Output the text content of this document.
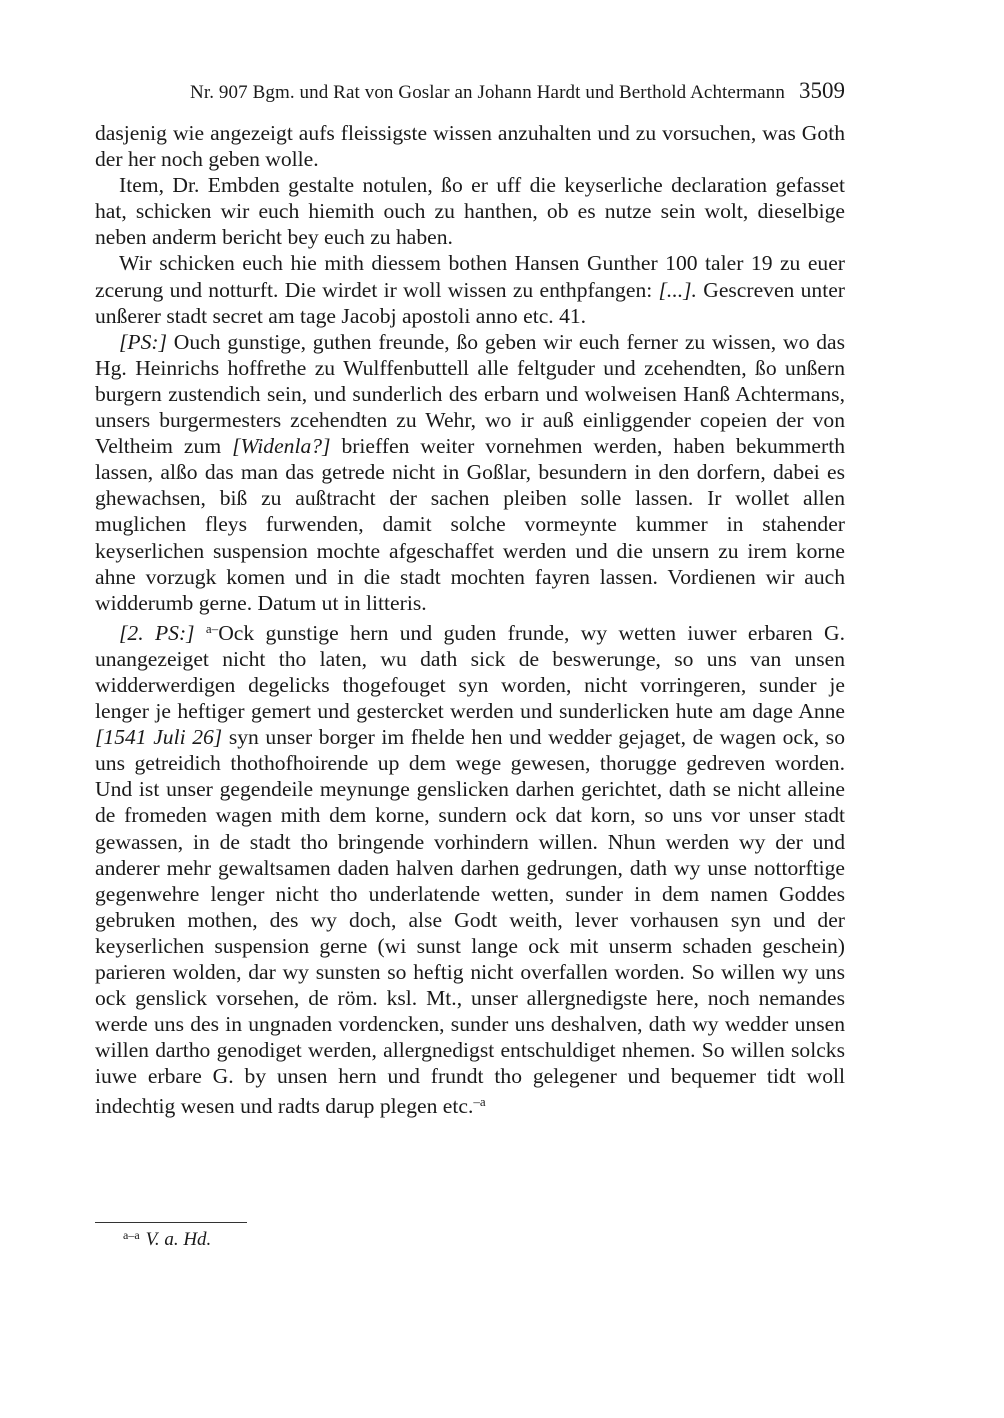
Nr. 907 Bgm. und Rat von Goslar an Johann Hardt und Berthold Achtermann 3509

dasjenig wie angezeigt aufs fleissigste wissen anzuhalten und zu vorsuchen, was Goth der her noch geben wolle.

Item, Dr. Embden gestalte notulen, ßo er uff die keyserliche declaration gefasset hat, schicken wir euch hiemith ouch zu hanthen, ob es nutze sein wolt, dieselbige neben anderm bericht bey euch zu haben.

Wir schicken euch hie mith diessem bothen Hansen Gunther 100 taler 19 zu euer zcerung und notturft. Die wirdet ir woll wissen zu enthpfangen: [...]. Gescreven unter unßerer stadt secret am tage Jacobj apostoli anno etc. 41.

[PS:] Ouch gunstige, guthen freunde, ßo geben wir euch ferner zu wissen, wo das Hg. Heinrichs hoffrethe zu Wulffenbuttell alle feltguder und zcehendten, ßo unßern burgern zustendich sein, und sunderlich des erbarn und wolweisen Hanß Achtermans, unsers burgermesters zcehendten zu Wehr, wo ir auß einliggender copeien der von Veltheim zum [Widenla?] brieffen weiter vornehmen werden, haben bekummerth lassen, alßo das man das getrede nicht in Goßlar, besundern in den dorfern, dabei es ghewachsen, biß zu außtracht der sachen pleiben solle lassen. Ir wollet allen muglichen fleys furwenden, damit solche vormeynte kummer in stahender keyserlichen suspension mochte afgeschaffet werden und die unsern zu irem korne ahne vorzugk komen und in die stadt mochten fayren lassen. Vordienen wir auch widderumb gerne. Datum ut in litteris.

[2. PS:] $^{a-}$Ock gunstige hern und guden frunde, wy wetten iuwer erbaren G. unangezeiget nicht tho laten, wu dath sick de beswerunge, so uns van unsen widderwerdigen degelicks thogefouget syn worden, nicht vorringeren, sunder je lenger je heftiger gemert und gestercket werden und sunderlicken hute am dage Anne [1541 Juli 26] syn unser borger im fhelde hen und wedder gejaget, de wagen ock, so uns getreidich thothofhoirende up dem wege gewesen, thorugge gedreven worden. Und ist unser gegendeile meynunge genslicken darhen gerichtet, dath se nicht alleine de fromeden wagen mith dem korne, sundern ock dat korn, so uns vor unser stadt gewassen, in de stadt tho bringende vorhindern willen. Nhun werden wy der und anderer mehr gewaltsamen daden halven darhen gedrungen, dath wy unse nottorftige gegenwehre lenger nicht tho underlatende wetten, sunder in dem namen Goddes gebruken mothen, des wy doch, alse Godt weith, lever vorhausen syn und der keyserlichen suspension gerne (wi sunst lange ock mit unserm schaden geschein) parieren wolden, dar wy sunsten so heftig nicht overfallen worden. So willen wy uns ock genslick vorsehen, de röm. ksl. Mt., unser allergnedigste here, noch nemandes werde uns des in ungnaden vordencken, sunder uns deshalven, dath wy wedder unsen willen dartho genodiget werden, allergnedigst entschuldiget nhemen. So willen solcks iuwe erbare G. by unsen hern und frundt tho gelegener und bequemer tidt woll indechtig wesen und radts darup plegen etc.$^{-a}$

$^{a-a}$ V. a. Hd.
